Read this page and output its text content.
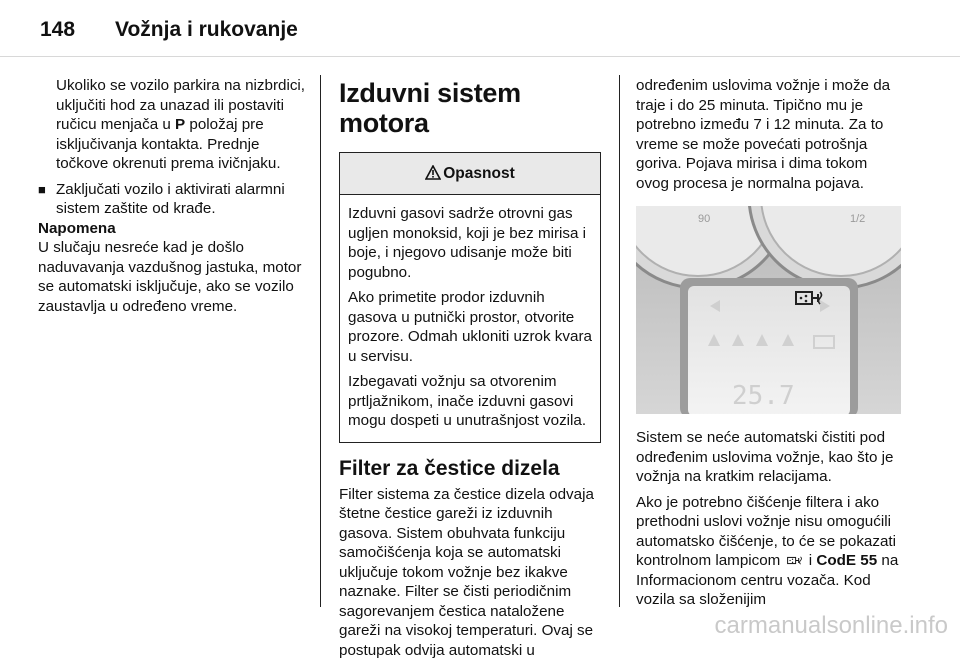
148 Vožnja i rukovanje

Ukoliko se vozilo parkira na nizbrdici, uključiti hod za unazad ili postaviti ručicu menjača u P položaj pre isključivanja kontakta. Prednje točkove okrenuti prema ivičnjaku.

■ Zaključati vozilo i aktivirati alarmni sistem zaštite od krađe.

Napomena

U slučaju nesreće kad je došlo naduvavanja vazdušnog jastuka, motor se automatski isključuje, ako se vozilo zaustavlja u određeno vreme.

Izduvni sistem motora
Opasnost

Izduvni gasovi sadrže otrovni gas ugljen monoksid, koji je bez mirisa i boje, i njegovo udisanje može biti pogubno.

Ako primetite prodor izduvnih gasova u putnički prostor, otvorite prozore. Odmah ukloniti uzrok kvara u servisu.

Izbegavati vožnju sa otvorenim prtljažnikom, inače izduvni gasovi mogu dospeti u unutrašnjost vozila.

Filter za čestice dizela

Filter sistema za čestice dizela odvaja štetne čestice gareži iz izduvnih gasova. Sistem obuhvata funkciju samočišćenja koja se automatski uključuje tokom vožnje bez ikakve naznake. Filter se čisti periodičnim sagorevanjem čestica nataložene gareži na visokoj temperaturi. Ovaj se postupak odvija automatski u

određenim uslovima vožnje i može da traje i do 25 minuta. Tipično mu je potrebno između 7 i 12 minuta. Za to vreme se može povećati potrošnja goriva. Pojava mirisa i dima tokom ovog procesa je normalna pojava.

90	1/2
25.7

Sistem se neće automatski čistiti pod određenim uslovima vožnje, kao što je vožnja na kratkim relacijama.

Ako je potrebno čišćenje filtera i ako prethodni uslovi vožnje nisu omogućili automatsko čišćenje, to će se pokazati kontrolnom lampicom  i CodE 55 na Informacionom centru vozača. Kod vozila sa složenijim

carmanualsonline.info
